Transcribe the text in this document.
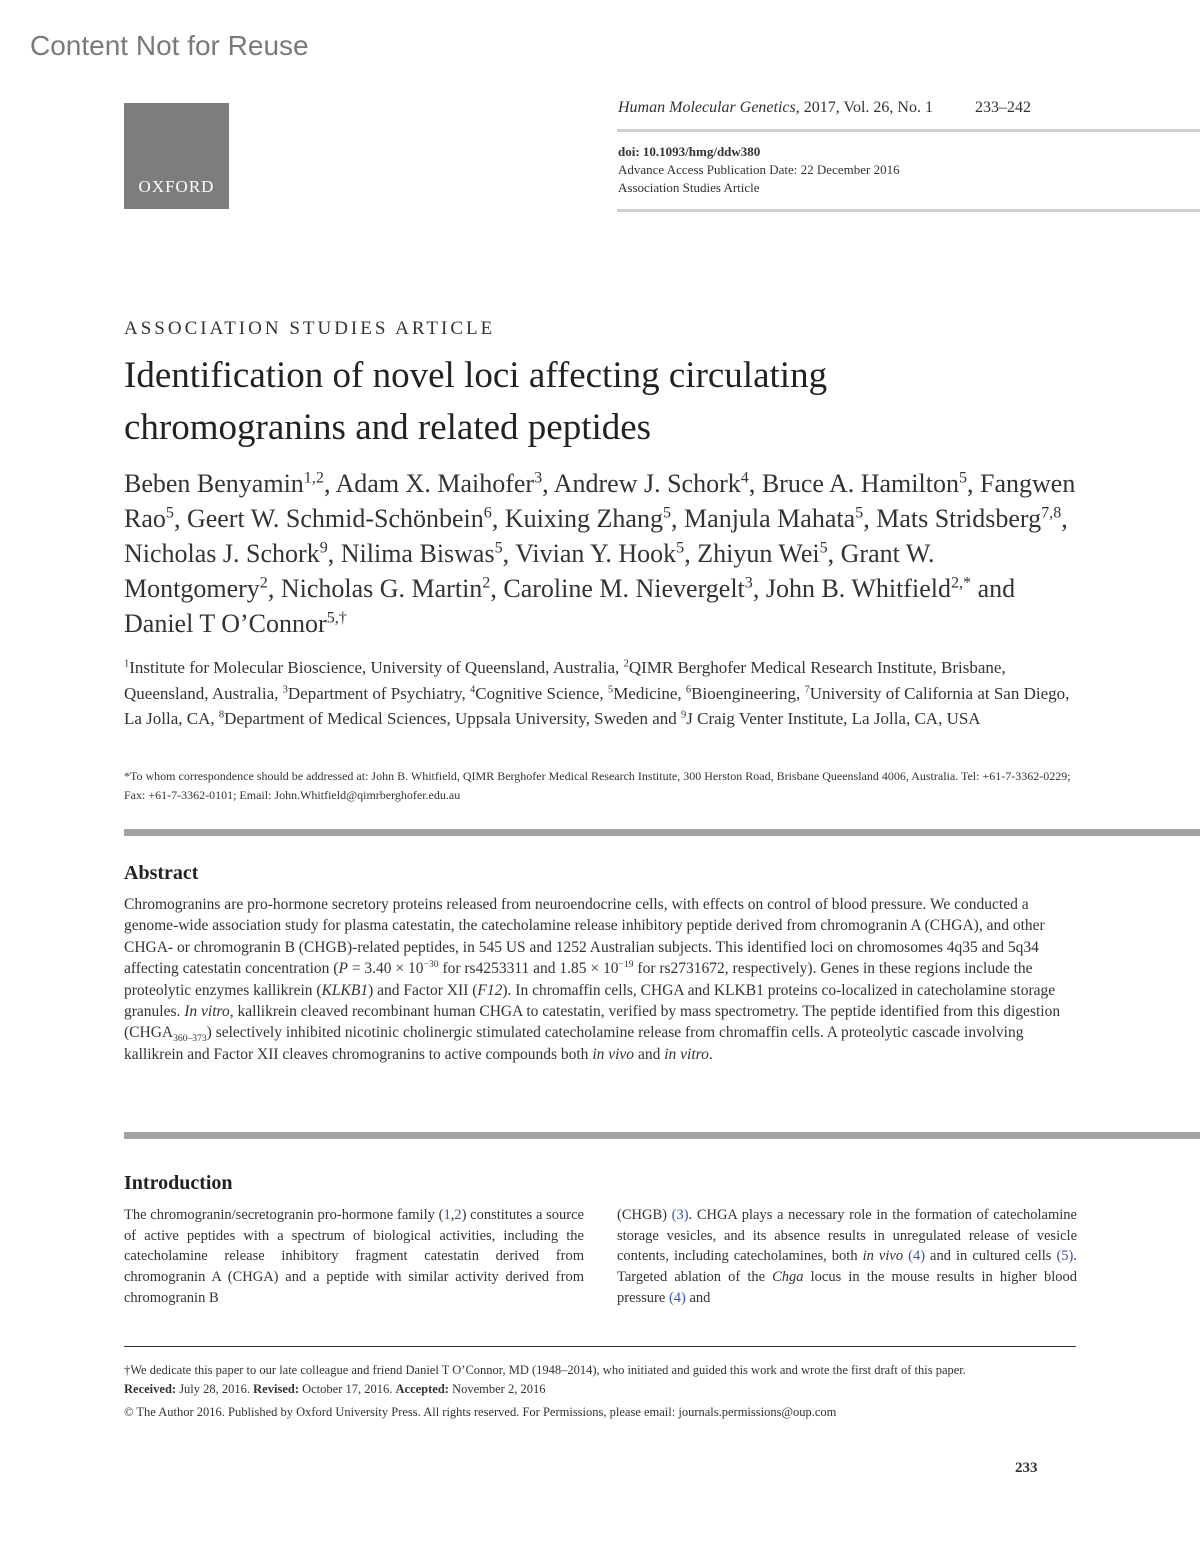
Content Not for Reuse
OXFORD
Human Molecular Genetics, 2017, Vol. 26, No. 1	233–242
doi: 10.1093/hmg/ddw380
Advance Access Publication Date: 22 December 2016
Association Studies Article
ASSOCIATION STUDIES ARTICLE
Identification of novel loci affecting circulating
chromogranins and related peptides
Beben Benyamin$^{1,2}$, Adam X. Maihofer$^3$, Andrew J. Schork$^4$, Bruce A. Hamilton$^5$, Fangwen Rao$^5$, Geert W. Schmid-Schönbein$^6$, Kuixing Zhang$^5$, Manjula Mahata$^5$, Mats Stridsberg$^{7,8}$, Nicholas J. Schork$^9$, Nilima Biswas$^5$, Vivian Y. Hook$^5$, Zhiyun Wei$^5$, Grant W. Montgomery$^2$, Nicholas G. Martin$^2$, Caroline M. Nievergelt$^3$, John B. Whitfield$^{2,*}$ and Daniel T O’Connor$^{5,\dagger}$
$^1$Institute for Molecular Bioscience, University of Queensland, Australia, $^2$QIMR Berghofer Medical Research Institute, Brisbane, Queensland, Australia, $^3$Department of Psychiatry, $^4$Cognitive Science, $^5$Medicine, $^6$Bioengineering, $^7$University of California at San Diego, La Jolla, CA, $^8$Department of Medical Sciences, Uppsala University, Sweden and $^9$J Craig Venter Institute, La Jolla, CA, USA
*To whom correspondence should be addressed at: John B. Whitfield, QIMR Berghofer Medical Research Institute, 300 Herston Road, Brisbane Queensland 4006, Australia. Tel: +61-7-3362-0229; Fax: +61-7-3362-0101; Email: John.Whitfield@qimrberghofer.edu.au
Abstract
Chromogranins are pro-hormone secretory proteins released from neuroendocrine cells, with effects on control of blood pressure. We conducted a genome-wide association study for plasma catestatin, the catecholamine release inhibitory peptide derived from chromogranin A (CHGA), and other CHGA- or chromogranin B (CHGB)-related peptides, in 545 US and 1252 Australian subjects. This identified loci on chromosomes 4q35 and 5q34 affecting catestatin concentration ($P = 3.40 \times 10^{-30}$ for rs4253311 and $1.85 \times 10^{-19}$ for rs2731672, respectively). Genes in these regions include the proteolytic enzymes kallikrein (KLKB1) and Factor XII (F12). In chromaffin cells, CHGA and KLKB1 proteins co-localized in catecholamine storage granules. In vitro, kallikrein cleaved recombinant human CHGA to catestatin, verified by mass spectrometry. The peptide identified from this digestion $(CHGA_{360-373})$ selectively inhibited nicotinic cholinergic stimulated catecholamine release from chromaffin cells. A proteolytic cascade involving kallikrein and Factor XII cleaves chromogranins to active compounds both in vivo and in vitro.
Introduction
The chromogranin/secretogranin pro-hormone family (1,2) constitutes a source of active peptides with a spectrum of biological activities, including the catecholamine release inhibitory fragment catestatin derived from chromogranin A (CHGA) and a peptide with similar activity derived from chromogranin B
(CHGB) (3). CHGA plays a necessary role in the formation of catecholamine storage vesicles, and its absence results in unregulated release of vesicle contents, including catecholamines, both in vivo (4) and in cultured cells (5). Targeted ablation of the Chga locus in the mouse results in higher blood pressure (4) and
†We dedicate this paper to our late colleague and friend Daniel T O’Connor, MD (1948–2014), who initiated and guided this work and wrote the first draft of this paper.
Received: July 28, 2016. Revised: October 17, 2016. Accepted: November 2, 2016
© The Author 2016. Published by Oxford University Press. All rights reserved. For Permissions, please email: journals.permissions@oup.com
233
